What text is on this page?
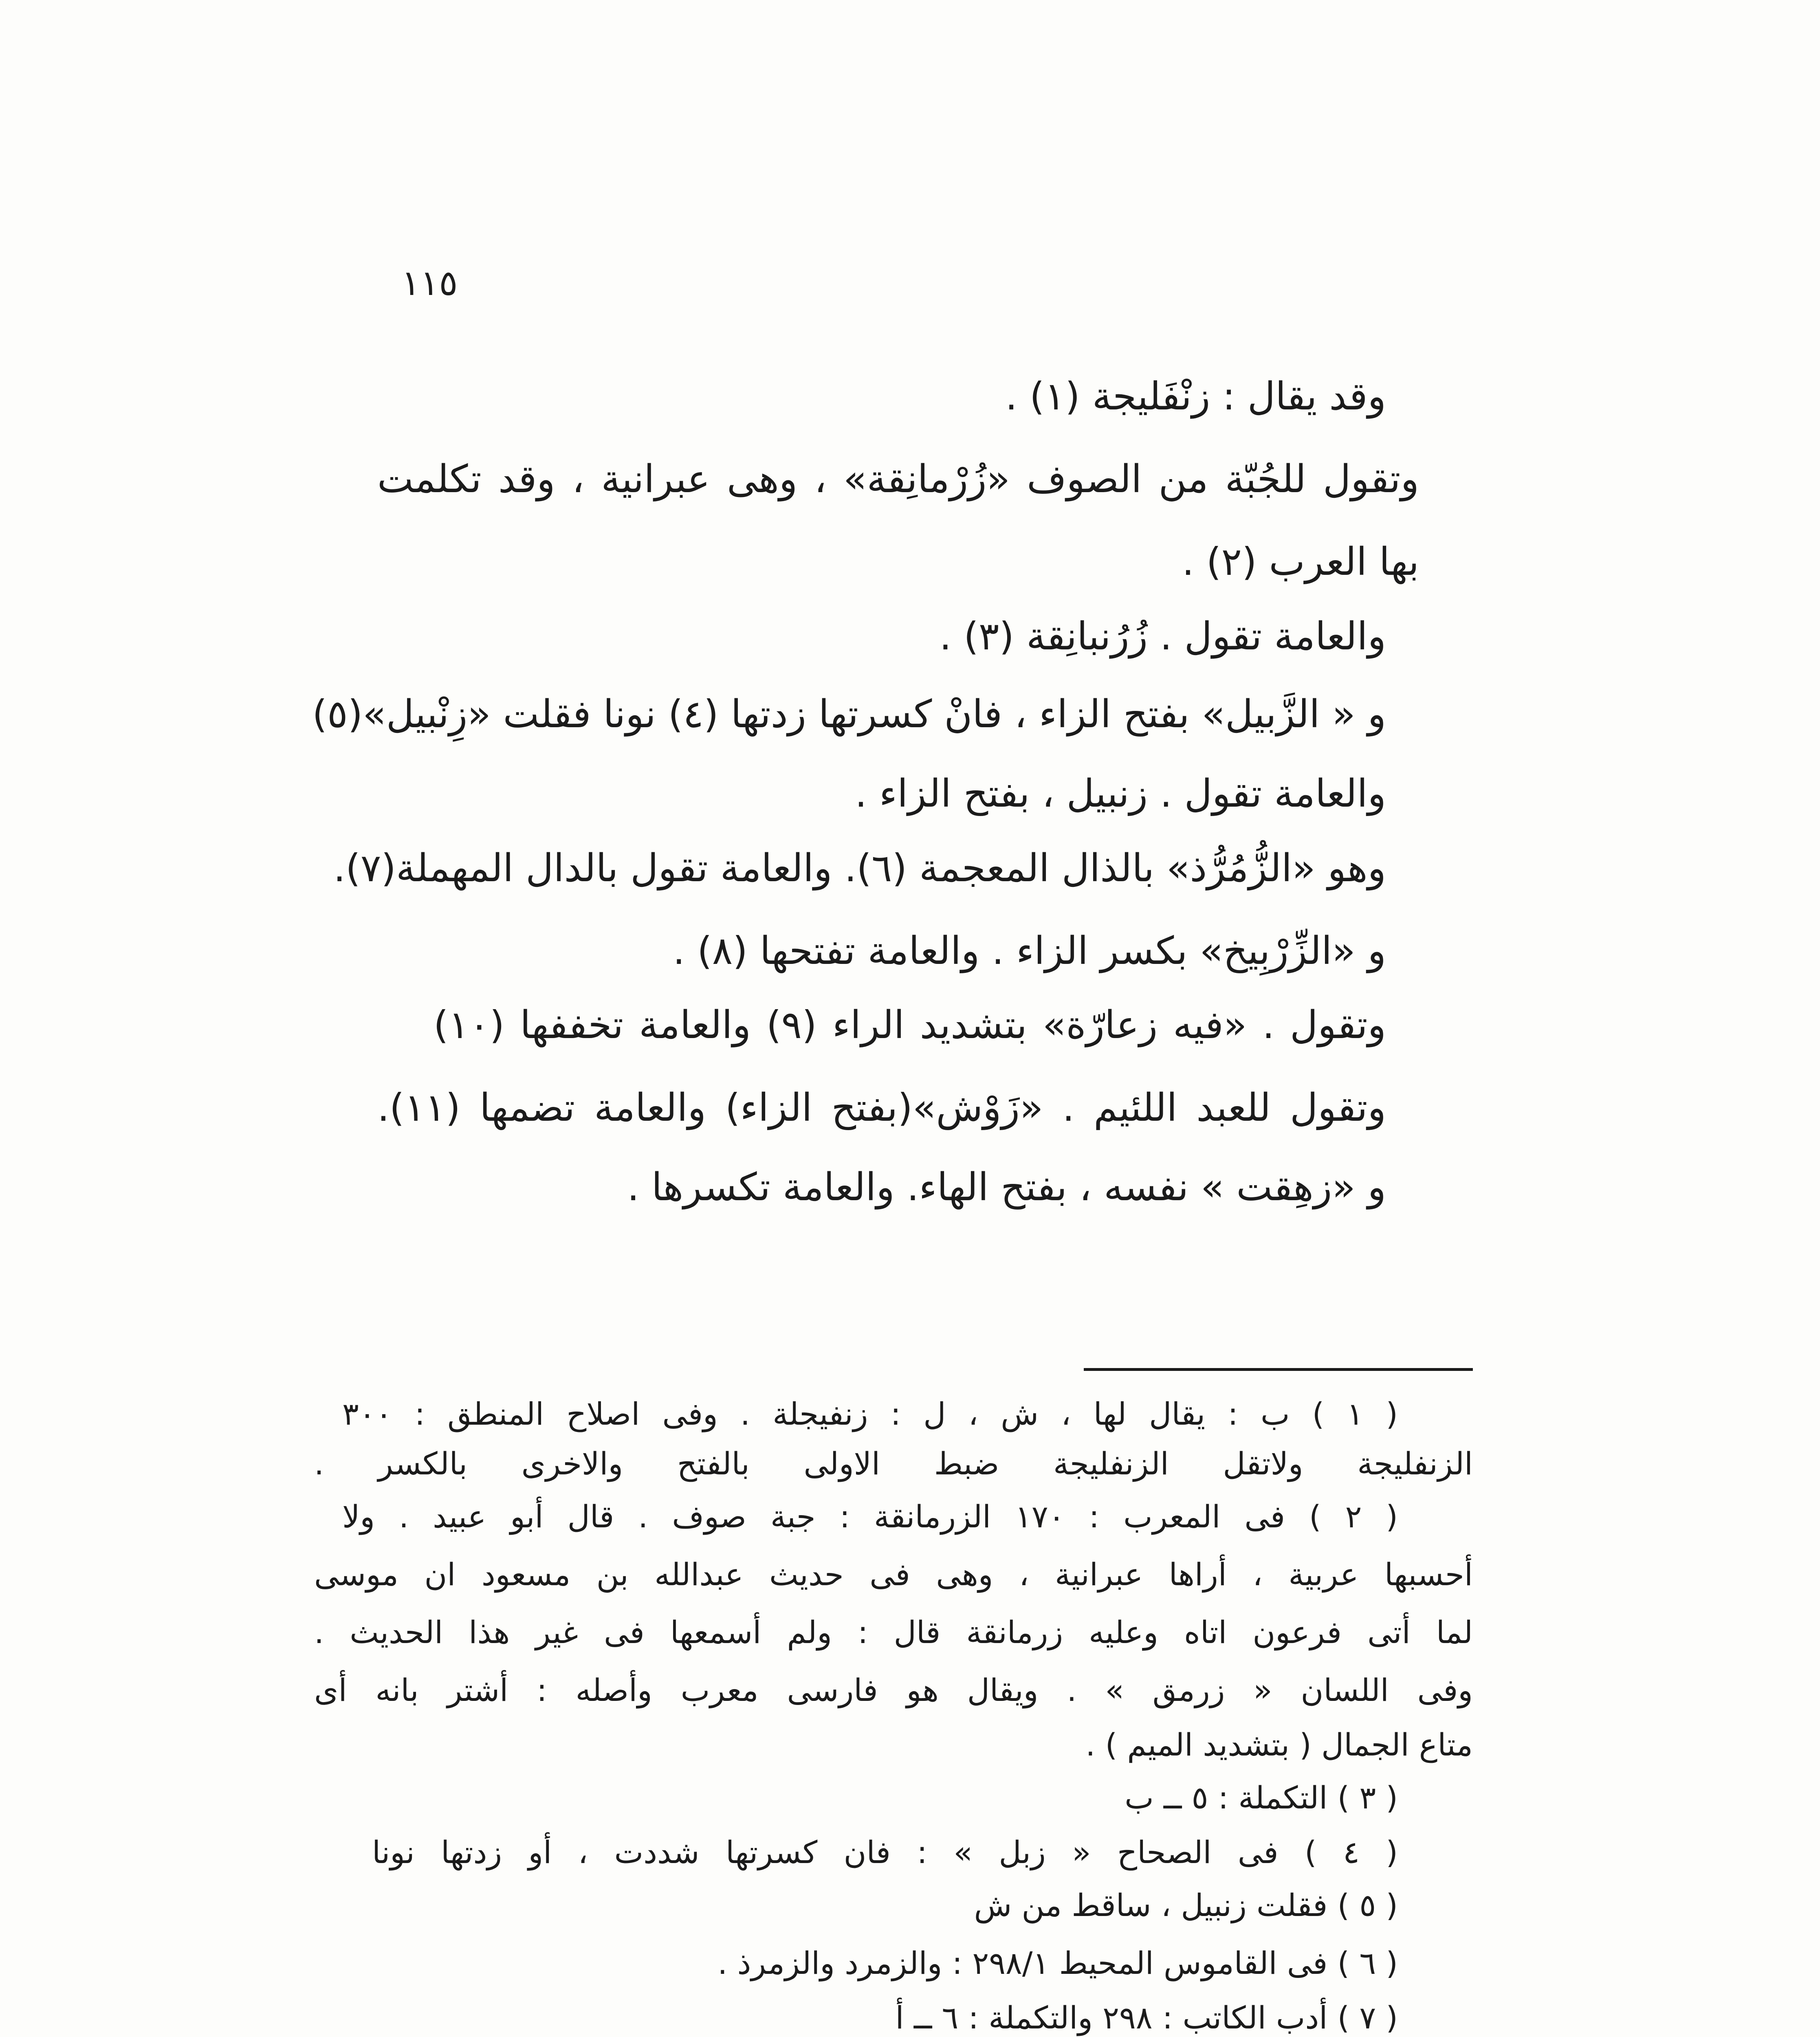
١١٥
وقد يقال : زنْفَليجة (١) .
وتقول للجُبّة من الصوف «زُرْمانِقة» ، وهى عبرانية ، وقد تكلمت
بها العرب (٢) .
والعامة تقول . زُرُنبانِقة (٣) .
و « الزَّبيل» بفتح الزاء ، فانْ كسرتها زدتها (٤) نونا فقلت «زِنْبيل»(٥)
والعامة تقول . زنبيل ، بفتح الزاء .
وهو «الزُّمُرُّذ» بالذال المعجمة (٦). والعامة تقول بالدال المهملة(٧).
و «الزِّرْبِيخ» بكسر الزاء . والعامة تفتحها (٨) .
وتقول . «فيه زعارّة» بتشديد الراء (٩) والعامة تخففها (١٠)
وتقول للعبد اللئيم . «زَوْش»(بفتح الزاء) والعامة تضمها (١١).
و «زهِقت » نفسه ، بفتح الهاء. والعامة تكسرها .
( ١ ) ب : يقال لها ، ش ، ل : زنفيجلة . وفى اصلاح المنطق : ٣٠٠
الزنفليجة ولاتقل الزنفليجة ضبط الاولى بالفتح والاخرى بالكسر .
( ٢ ) فى المعرب : ١٧٠ الزرمانقة : جبة صوف . قال أبو عبيد . ولا
أحسبها عربية ، أراها عبرانية ، وهى فى حديث عبدالله بن مسعود ان موسى
لما أتى فرعون اتاه وعليه زرمانقة قال : ولم أسمعها فى غير هذا الحديث .
وفى اللسان « زرمق » . ويقال هو فارسى معرب وأصله : أشتر بانه أى
متاع الجمال ( بتشديد الميم ) .
( ٣ ) التكملة : ٥ ــ ب
( ٤ ) فى الصحاح « زبل » : فان كسرتها شددت ، أو زدتها نونا
( ٥ ) فقلت زنبيل ، ساقط من ش
( ٦ ) فى القاموس المحيط ٢٩٨/١ : والزمرد والزمرذ .
( ٧ ) أدب الكاتب : ٢٩٨ والتكملة : ٦ ــ أ
